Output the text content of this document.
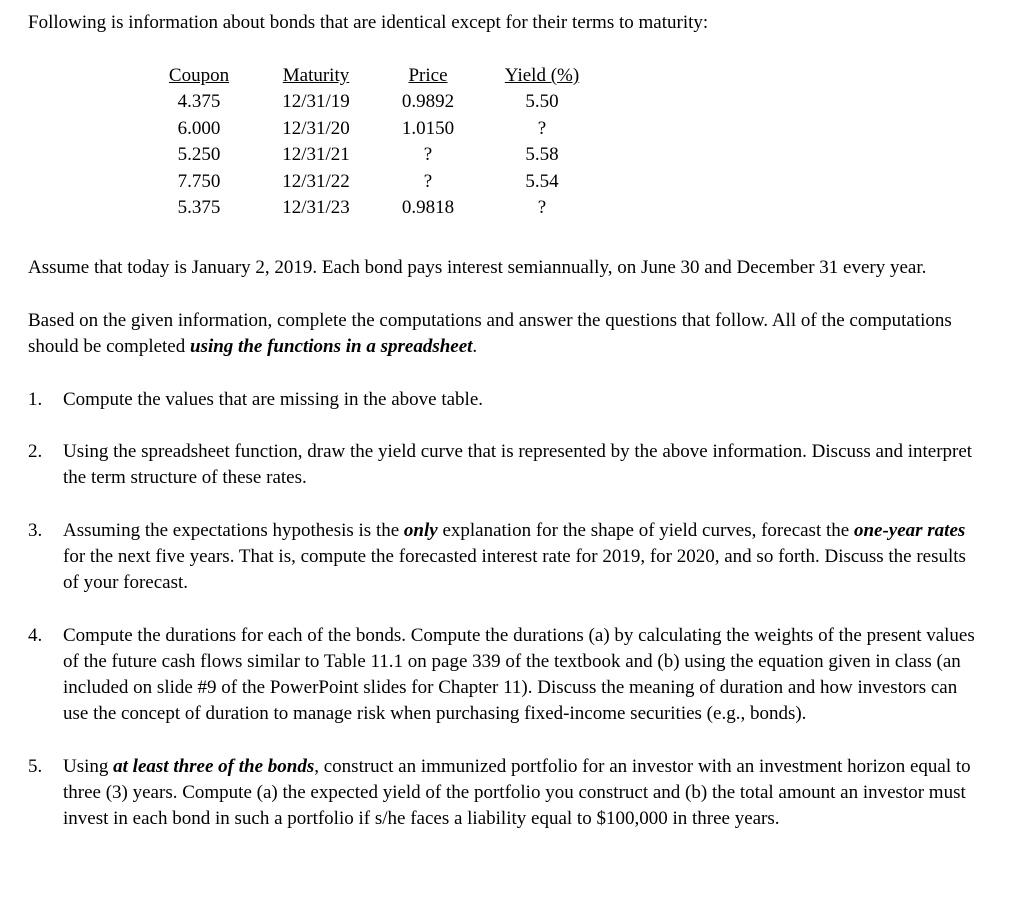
Following is information about bonds that are identical except for their terms to maturity:

Coupon	Maturity	Price	Yield (%)
4.375	12/31/19	0.9892	5.50
6.000	12/31/20	1.0150	?
5.250	12/31/21	?	5.58
7.750	12/31/22	?	5.54
5.375	12/31/23	0.9818	?

Assume that today is January 2, 2019. Each bond pays interest semiannually, on June 30 and December 31 every year.

Based on the given information, complete the computations and answer the questions that follow. All of the computations should be completed using the functions in a spreadsheet.

1. Compute the values that are missing in the above table.
2. Using the spreadsheet function, draw the yield curve that is represented by the above information. Discuss and interpret the term structure of these rates.
3. Assuming the expectations hypothesis is the only explanation for the shape of yield curves, forecast the one-year rates for the next five years. That is, compute the forecasted interest rate for 2019, for 2020, and so forth. Discuss the results of your forecast.
4. Compute the durations for each of the bonds. Compute the durations (a) by calculating the weights of the present values of the future cash flows similar to Table 11.1 on page 339 of the textbook and (b) using the equation given in class (an included on slide #9 of the PowerPoint slides for Chapter 11). Discuss the meaning of duration and how investors can use the concept of duration to manage risk when purchasing fixed-income securities (e.g., bonds).
5. Using at least three of the bonds, construct an immunized portfolio for an investor with an investment horizon equal to three (3) years. Compute (a) the expected yield of the portfolio you construct and (b) the total amount an investor must invest in each bond in such a portfolio if s/he faces a liability equal to $100,000 in three years.
